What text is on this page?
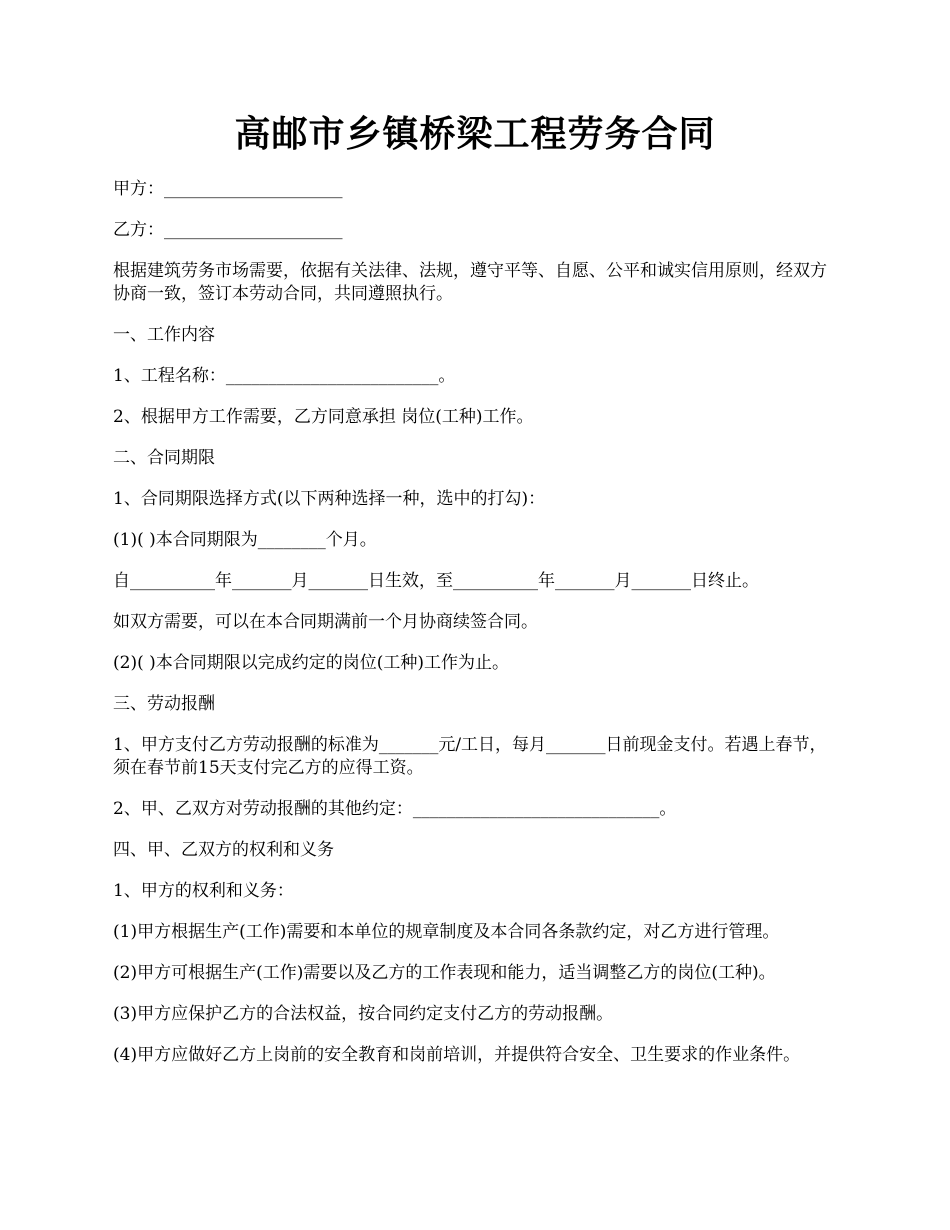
高邮市乡镇桥梁工程劳务合同

甲方：_____________________

乙方：_____________________

根据建筑劳务市场需要，依据有关法律、法规，遵守平等、自愿、公平和诚实信用原则，经双方协商一致，签订本劳动合同，共同遵照执行。

一、工作内容

1、工程名称：_________________________。

2、根据甲方工作需要，乙方同意承担 岗位(工种)工作。

二、合同期限

1、合同期限选择方式(以下两种选择一种，选中的打勾)：

(1)( )本合同期限为________个月。

自__________年_______月_______日生效，至__________年_______月_______日终止。

如双方需要，可以在本合同期满前一个月协商续签合同。

(2)( )本合同期限以完成约定的岗位(工种)工作为止。

三、劳动报酬

1、甲方支付乙方劳动报酬的标准为_______元/工日，每月_______日前现金支付。若遇上春节，须在春节前15天支付完乙方的应得工资。

2、甲、乙双方对劳动报酬的其他约定：_____________________________。

四、甲、乙双方的权利和义务

1、甲方的权利和义务：

(1)甲方根据生产(工作)需要和本单位的规章制度及本合同各条款约定，对乙方进行管理。

(2)甲方可根据生产(工作)需要以及乙方的工作表现和能力，适当调整乙方的岗位(工种)。

(3)甲方应保护乙方的合法权益，按合同约定支付乙方的劳动报酬。

(4)甲方应做好乙方上岗前的安全教育和岗前培训，并提供符合安全、卫生要求的作业条件。
